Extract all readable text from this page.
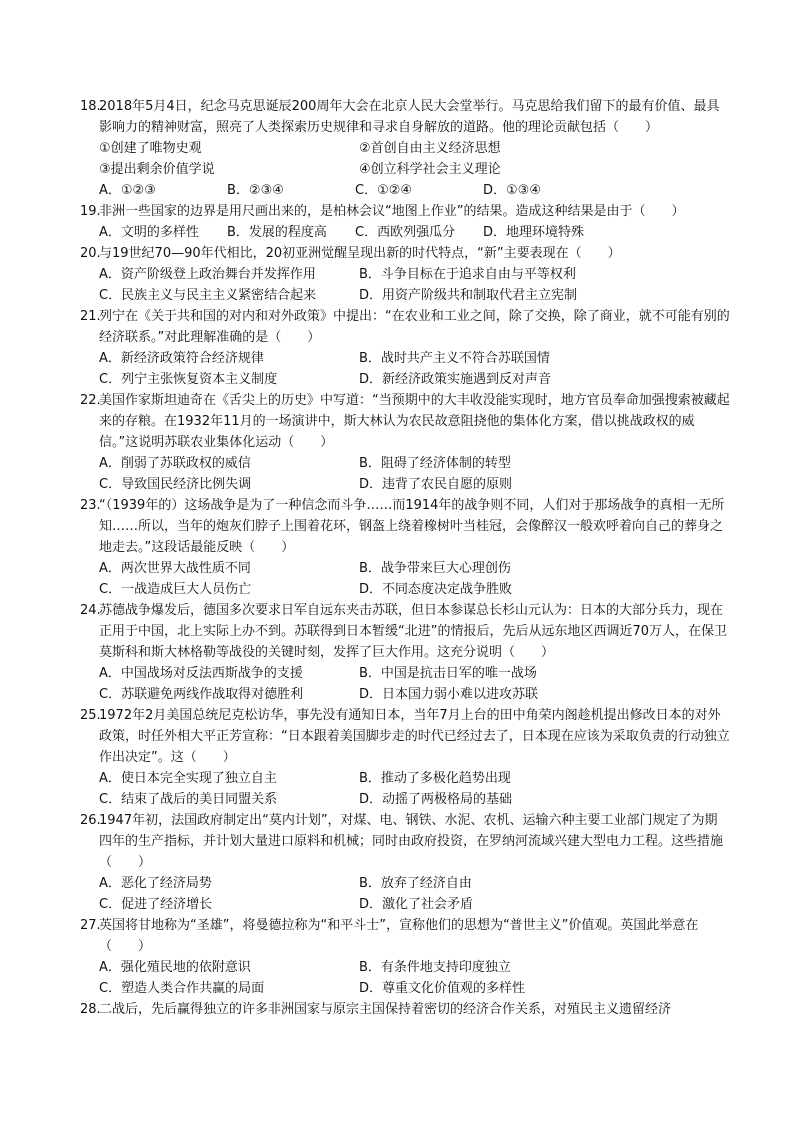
18.2018年5月4日，纪念马克思诞辰200周年大会在北京人民大会堂举行。马克思给我们留下的最有价值、最具影响力的精神财富，照亮了人类探索历史规律和寻求自身解放的道路。他的理论贡献包括（　　）
①创建了唯物史观	②首创自由主义经济思想
③提出剩余价值学说	④创立科学社会主义理论
A．①②③	B．②③④	C．①②④	D．①③④
19.非洲一些国家的边界是用尺画出来的，是柏林会议“地图上作业”的结果。造成这种结果是由于（　　）
A．文明的多样性	B．发展的程度高	C．西欧列强瓜分	D．地理环境特殊
20.与19世纪70—90年代相比，20初亚洲觉醒呈现出新的时代特点，“新”主要表现在（　　）
A．资产阶级登上政治舞台并发挥作用	B．斗争目标在于追求自由与平等权利
C．民族主义与民主主义紧密结合起来	D．用资产阶级共和制取代君主立宪制
21.列宁在《关于共和国的对内和对外政策》中提出：“在农业和工业之间，除了交换，除了商业，就不可能有别的经济联系。”对此理解准确的是（　　）
A．新经济政策符合经济规律	B．战时共产主义不符合苏联国情
C．列宁主张恢复资本主义制度	D．新经济政策实施遇到反对声音
22.美国作家斯坦迪奇在《舌尖上的历史》中写道：“当预期中的大丰收没能实现时，地方官员奉命加强搜索被藏起来的存粮。在1932年11月的一场演讲中，斯大林认为农民故意阻挠他的集体化方案，借以挑战政权的威信。”这说明苏联农业集体化运动（　　）
A．削弱了苏联政权的威信	B．阻碍了经济体制的转型
C．导致国民经济比例失调	D．违背了农民自愿的原则
23.“（1939年的）这场战争是为了一种信念而斗争……而1914年的战争则不同，人们对于那场战争的真相一无所知……所以，当年的炮灰们脖子上围着花环，钢盔上绕着橡树叶当桂冠，会像醉汉一般欢呼着向自己的葬身之地走去。”这段话最能反映（　　）
A．两次世界大战性质不同	B．战争带来巨大心理创伤
C．一战造成巨大人员伤亡	D．不同态度决定战争胜败
24.苏德战争爆发后，德国多次要求日军自远东夹击苏联，但日本参谋总长杉山元认为：日本的大部分兵力，现在正用于中国，北上实际上办不到。苏联得到日本暂缓“北进”的情报后，先后从远东地区西调近70万人，在保卫莫斯科和斯大林格勒等战役的关键时刻，发挥了巨大作用。这充分说明（　　）
A．中国战场对反法西斯战争的支援	B．中国是抗击日军的唯一战场
C．苏联避免两线作战取得对德胜利	D．日本国力弱小难以进攻苏联
25.1972年2月美国总统尼克松访华，事先没有通知日本，当年7月上台的田中角荣内阁趁机提出修改日本的对外政策，时任外相大平正芳宣称：“日本跟着美国脚步走的时代已经过去了，日本现在应该为采取负责的行动独立作出决定”。这（　　）
A．使日本完全实现了独立自主	B．推动了多极化趋势出现
C．结束了战后的美日同盟关系	D．动摇了两极格局的基础
26.1947年初，法国政府制定出“莫内计划”，对煤、电、钢铁、水泥、农机、运输六种主要工业部门规定了为期四年的生产指标，并计划大量进口原料和机械；同时由政府投资，在罗纳河流域兴建大型电力工程。这些措施（　　）
A．恶化了经济局势	B．放弃了经济自由
C．促进了经济增长	D．激化了社会矛盾
27.英国将甘地称为“圣雄”，将曼德拉称为“和平斗士”，宣称他们的思想为“普世主义”价值观。英国此举意在（　　）
A．强化殖民地的依附意识	B．有条件地支持印度独立
C．塑造人类合作共赢的局面	D．尊重文化价值观的多样性
28.二战后，先后赢得独立的许多非洲国家与原宗主国保持着密切的经济合作关系，对殖民主义遗留经济
